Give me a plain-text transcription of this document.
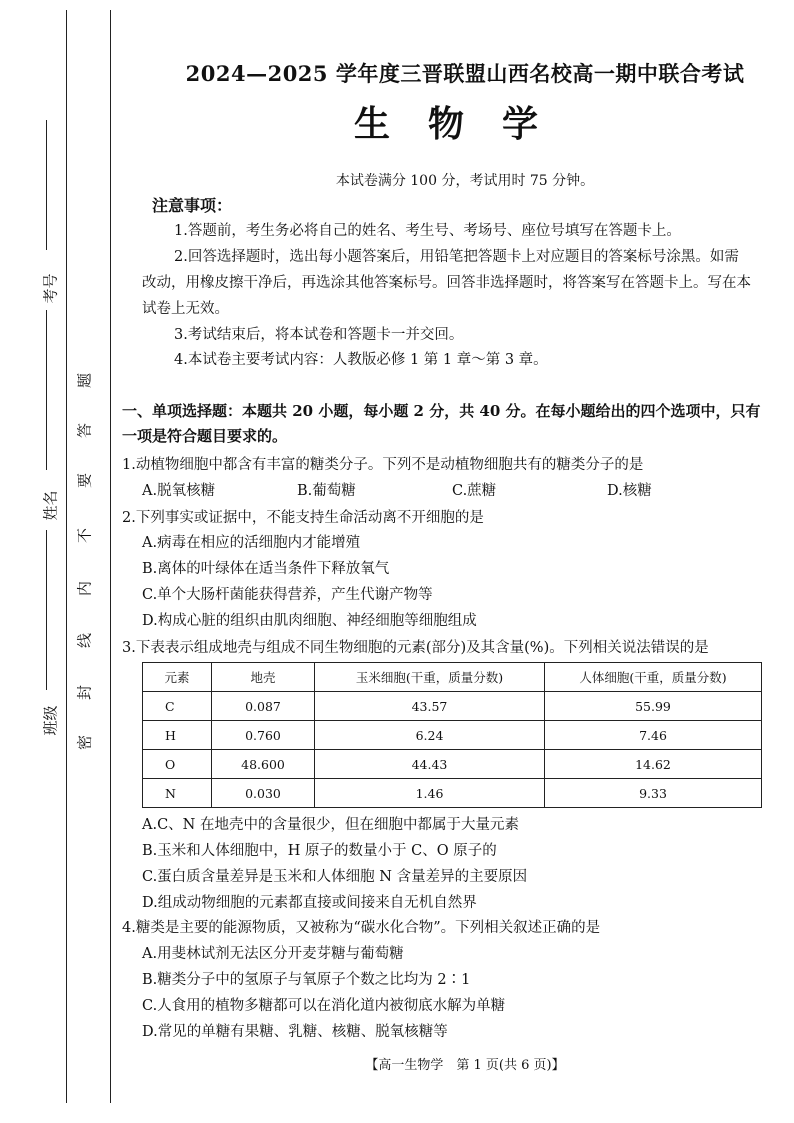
考号
姓名
班级
题
答
要
不
内
线
封
密
2024—2025 学年度三晋联盟山西名校高一期中联合考试
生物学
本试卷满分 100 分，考试用时 75 分钟。
注意事项：
1.答题前，考生务必将自己的姓名、考生号、考场号、座位号填写在答题卡上。
2.回答选择题时，选出每小题答案后，用铅笔把答题卡上对应题目的答案标号涂黑。如需改动，用橡皮擦干净后，再选涂其他答案标号。回答非选择题时，将答案写在答题卡上。写在本试卷上无效。
3.考试结束后，将本试卷和答题卡一并交回。
4.本试卷主要考试内容：人教版必修 1 第 1 章～第 3 章。
一、单项选择题：本题共 20 小题，每小题 2 分，共 40 分。在每小题给出的四个选项中，只有一项是符合题目要求的。
1.动植物细胞中都含有丰富的糖类分子。下列不是动植物细胞共有的糖类分子的是
A.脱氧核糖	B.葡萄糖	C.蔗糖	D.核糖
2.下列事实或证据中，不能支持生命活动离不开细胞的是
A.病毒在相应的活细胞内才能增殖
B.离体的叶绿体在适当条件下释放氧气
C.单个大肠杆菌能获得营养，产生代谢产物等
D.构成心脏的组织由肌肉细胞、神经细胞等细胞组成
3.下表表示组成地壳与组成不同生物细胞的元素(部分)及其含量(%)。下列相关说法错误的是
元素	地壳	玉米细胞(干重，质量分数)	人体细胞(干重，质量分数)
C	0.087	43.57	55.99
H	0.760	6.24	7.46
O	48.600	44.43	14.62
N	0.030	1.46	9.33
A.C、N 在地壳中的含量很少，但在细胞中都属于大量元素
B.玉米和人体细胞中，H 原子的数量小于 C、O 原子的
C.蛋白质含量差异是玉米和人体细胞 N 含量差异的主要原因
D.组成动物细胞的元素都直接或间接来自无机自然界
4.糖类是主要的能源物质，又被称为“碳水化合物”。下列相关叙述正确的是
A.用斐林试剂无法区分开麦芽糖与葡萄糖
B.糖类分子中的氢原子与氧原子个数之比均为 2∶1
C.人食用的植物多糖都可以在消化道内被彻底水解为单糖
D.常见的单糖有果糖、乳糖、核糖、脱氧核糖等
【高一生物学　第 1 页(共 6 页)】
